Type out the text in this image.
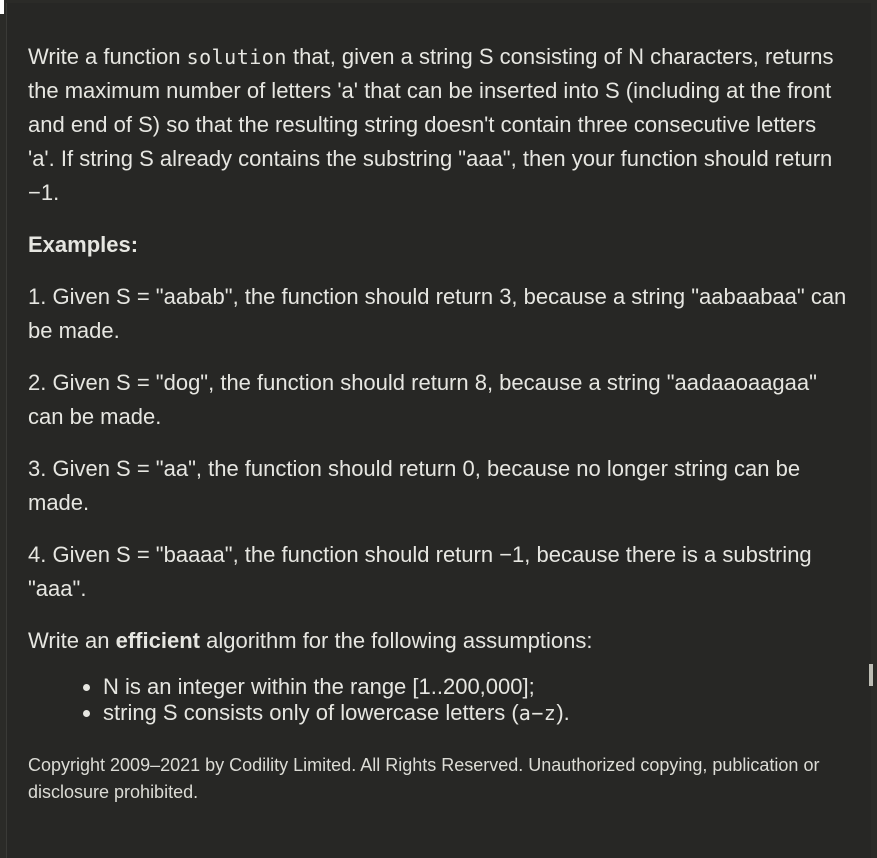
Write a function solution that, given a string S consisting of N characters, returns the maximum number of letters 'a' that can be inserted into S (including at the front and end of S) so that the resulting string doesn't contain three consecutive letters 'a'. If string S already contains the substring "aaa", then your function should return −1.

Examples:

1. Given S = "aabab", the function should return 3, because a string "aabaabaa" can be made.

2. Given S = "dog", the function should return 8, because a string "aadaaoaagaa" can be made.

3. Given S = "aa", the function should return 0, because no longer string can be made.

4. Given S = "baaaa", the function should return −1, because there is a substring "aaa".

Write an efficient algorithm for the following assumptions:

• N is an integer within the range [1..200,000];
• string S consists only of lowercase letters (a−z).

Copyright 2009–2021 by Codility Limited. All Rights Reserved. Unauthorized copying, publication or disclosure prohibited.
